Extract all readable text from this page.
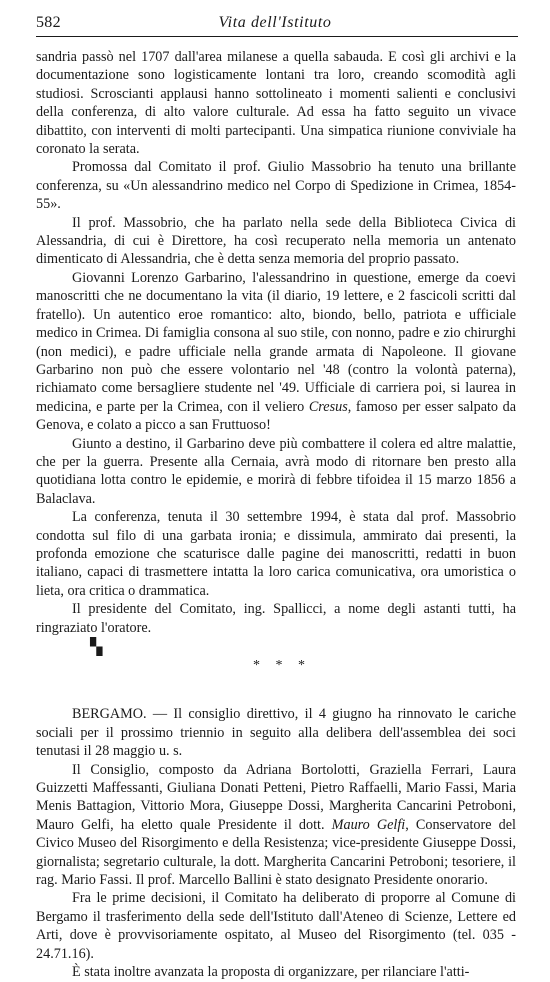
582	Vita dell'Istituto

sandria passò nel 1707 dall'area milanese a quella sabauda. E così gli archivi e la documentazione sono logisticamente lontani tra loro, creando scomodità agli studiosi. Scroscianti applausi hanno sottolineato i momenti salienti e conclusivi della conferenza, di alto valore culturale. Ad essa ha fatto seguito un vivace dibattito, con interventi di molti partecipanti. Una simpatica riunione conviviale ha coronato la serata.

Promossa dal Comitato il prof. Giulio Massobrio ha tenuto una brillante conferenza, su «Un alessandrino medico nel Corpo di Spedizione in Crimea, 1854-55».

Il prof. Massobrio, che ha parlato nella sede della Biblioteca Civica di Alessandria, di cui è Direttore, ha così recuperato nella memoria un antenato dimenticato di Alessandria, che è detta senza memoria del proprio passato.

Giovanni Lorenzo Garbarino, l'alessandrino in questione, emerge da coevi manoscritti che ne documentano la vita (il diario, 19 lettere, e 2 fascicoli scritti dal fratello). Un autentico eroe romantico: alto, biondo, bello, patriota e ufficiale medico in Crimea. Di famiglia consona al suo stile, con nonno, padre e zio chirurghi (non medici), e padre ufficiale nella grande armata di Napoleone. Il giovane Garbarino non può che essere volontario nel '48 (contro la volontà paterna), richiamato come bersagliere studente nel '49. Ufficiale di carriera poi, si laurea in medicina, e parte per la Crimea, con il veliero Cresus, famoso per esser salpato da Genova, e colato a picco a san Fruttuoso!

Giunto a destino, il Garbarino deve più combattere il colera ed altre malattie, che per la guerra. Presente alla Cernaia, avrà modo di ritornare ben presto alla quotidiana lotta contro le epidemie, e morirà di febbre tifoidea il 15 marzo 1856 a Balaclava.

La conferenza, tenuta il 30 settembre 1994, è stata dal prof. Massobrio condotta sul filo di una garbata ironia; e dissimula, ammirato dai presenti, la profonda emozione che scaturisce dalle pagine dei manoscritti, redatti in buon italiano, capaci di trasmettere intatta la loro carica comunicativa, ora umoristica o lieta, ora critica o drammatica.

Il presidente del Comitato, ing. Spallicci, a nome degli astanti tutti, ha ringraziato l'oratore.

▚
* * *

BERGAMO. — Il consiglio direttivo, il 4 giugno ha rinnovato le cariche sociali per il prossimo triennio in seguito alla delibera dell'assemblea dei soci tenutasi il 28 maggio u. s.

Il Consiglio, composto da Adriana Bortolotti, Graziella Ferrari, Laura Guizzetti Maffessanti, Giuliana Donati Petteni, Pietro Raffaelli, Mario Fassi, Maria Menis Battagion, Vittorio Mora, Giuseppe Dossi, Margherita Cancarini Petroboni, Mauro Gelfi, ha eletto quale Presidente il dott. Mauro Gelfi, Conservatore del Civico Museo del Risorgimento e della Resistenza; vice-presidente Giuseppe Dossi, giornalista; segretario culturale, la dott. Margherita Cancarini Petroboni; tesoriere, il rag. Mario Fassi. Il prof. Marcello Ballini è stato designato Presidente onorario.

Fra le prime decisioni, il Comitato ha deliberato di proporre al Comune di Bergamo il trasferimento della sede dell'Istituto dall'Ateneo di Scienze, Lettere ed Arti, dove è provvisoriamente ospitato, al Museo del Risorgimento (tel. 035 - 24.71.16).

È stata inoltre avanzata la proposta di organizzare, per rilanciare l'atti-
